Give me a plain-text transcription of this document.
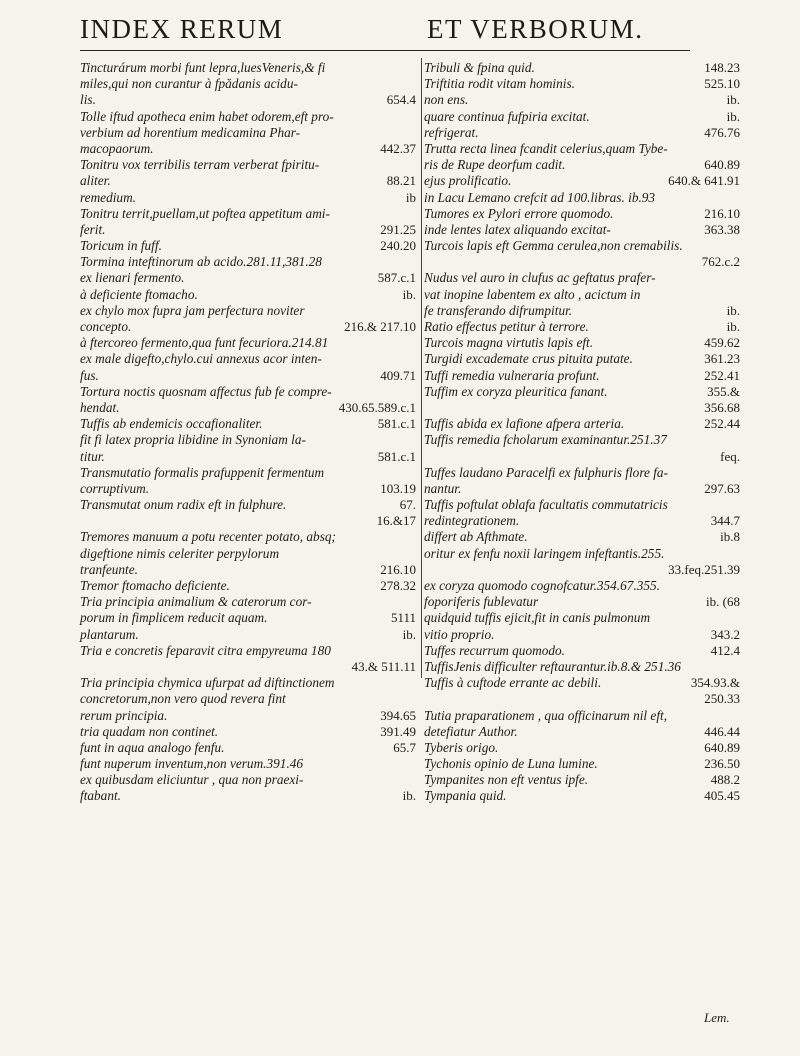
INDEX RERUM	ET VERBORUM.
Tincturárum morbi funt lepra,luesVeneris,& fi
miles,qui non curantur à fpădanis acidu-
lis.	654.4
Tolle iftud apotheca enim habet odorem,eft pro-
verbium ad horentium medicamina Phar-
macopaorum.	442.37
Tonitru vox terribilis terram verberat fpiritu-
aliter.	88.21
remedium.	ib
Tonitru territ,puellam,ut poftea appetitum ami-
ferit.	291.25
Toricum in fuff.	240.20
Tormina inteftinorum ab acido.281.11,381.28
ex lienari fermento.	587.c.1
à deficiente ftomacho.	ib.
ex chylo mox fupra jam perfectura noviter
concepto.	216.& 217.10
à ftercoreo fermento,qua funt fecuriora.214.81
ex male digefto,chylo.cui annexus acor inten-
fus.	409.71
Tortura noctis quosnam affectus fub fe compre-
hendat.	430.65.589.c.1
Tuffis ab endemicis occafionaliter.	581.c.1
fit fi latex propria libidine in Synoniam la-
titur.	581.c.1
Transmutatio formalis prafuppenit fermentum
corruptivum.	103.19
Transmutat onum radix eft in fulphure.	67.
16.&17
Tremores manuum a potu recenter potato, absq;
digeftione nimis celeriter perpylorum
tranfeunte.	216.10
Tremor ftomacho deficiente.	278.32
Tria principia animalium & caterorum cor-
porum in fimplicem reducit aquam.	5111
plantarum.	ib.
Tria e concretis feparavit citra empyreuma 180
43.& 511.11
Tria principia chymica ufurpat ad diftinctionem
concretorum,non vero quod revera fint
rerum principia.	394.65
tria quadam non continet.	391.49
funt in aqua analogo fenfu.	65.7
funt nuperum inventum,non verum.391.46
ex quibusdam eliciuntur , qua non praexi-
ftabant.	ib.
Tribuli & fpina quid.	148.23
Triftitia rodit vitam hominis.	525.10
non ens.	ib.
quare continua fufpiria excitat.	ib.
refrigerat.	476.76
Trutta recta linea fcandit celerius,quam Tybe-
ris de Rupe deorfum cadit.	640.89
ejus prolificatio.	640.& 641.91
in Lacu Lemano crefcit ad 100.libras. ib.93
Tumores ex Pylori errore quomodo.	216.10
inde lentes latex aliquando excitat-	363.38
Turcois lapis eft Gemma cerulea,non cremabilis.
762.c.2
Nudus vel auro in clufus ac geftatus prafer-
vat inopine labentem ex alto , acictum in
fe transferando difrumpitur.	ib.
Ratio effectus petitur à terrore.	ib.
Turcois magna virtutis lapis eft.	459.62
Turgidi excademate crus pituita putate.	361.23
Tuffi remedia vulneraria profunt.	252.41
Tuffim ex coryza pleuritica fanant.	355.&
356.68
Tuffis abida ex lafione afpera arteria.	252.44
Tuffis remedia fcholarum examinantur.251.37
feq.
Tuffes laudano Paracelfi ex fulphuris flore fa-
nantur.	297.63
Tuffis poftulat oblafa facultatis commutatricis
redintegrationem.	344.7
differt ab Afthmate.	ib.8
oritur ex fenfu noxii laringem infeftantis.255.
33.feq.251.39
ex coryza quomodo cognofcatur.354.67.355.
foporiferis fublevatur	ib. (68
quidquid tuffis ejicit,fit in canis pulmonum
vitio proprio.	343.2
Tuffes recurrum quomodo.	412.4
TuffisJenis difficulter reftaurantur.ib.8.& 251.36
Tuffis à cuftode errante ac debili.	354.93.&
250.33
Tutia praparationem , qua officinarum nil eft,
detefiatur Author.	446.44
Tyberis origo.	640.89
Tychonis opinio de Luna lumine.	236.50
Tympanites non eft ventus ipfe.	488.2
Tympania quid.	405.45
Lem.
